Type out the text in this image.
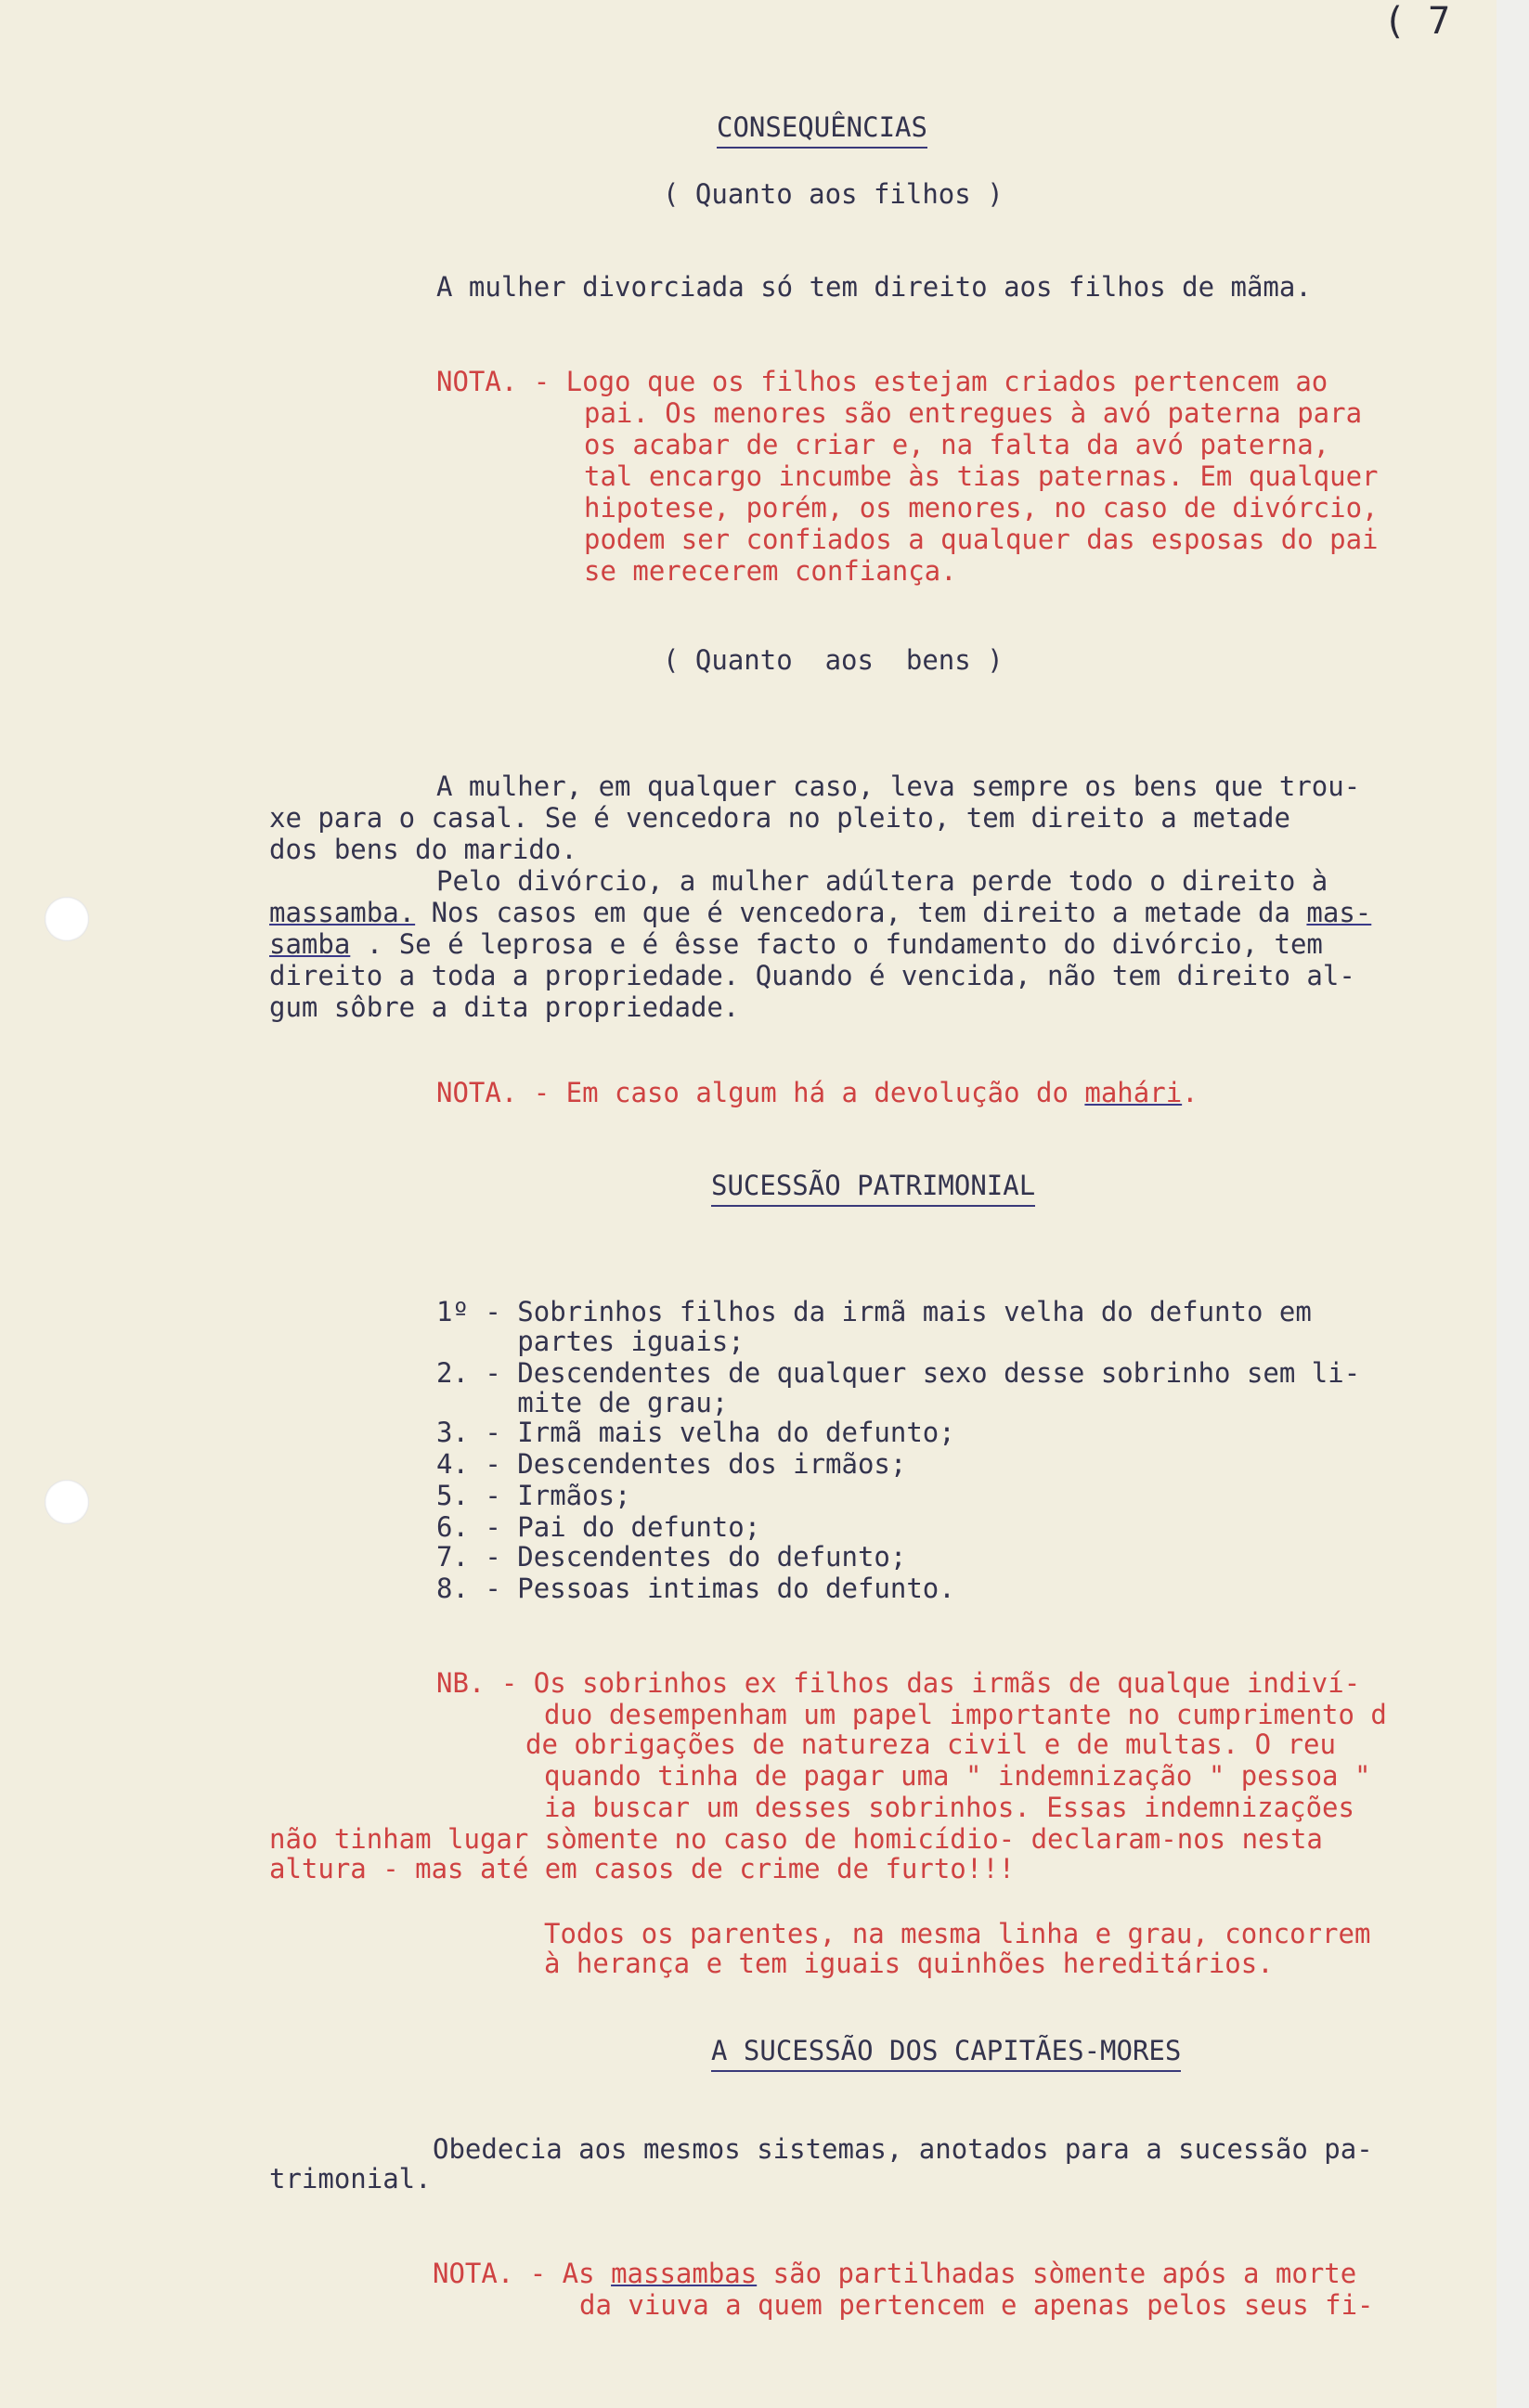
( 7
CONSEQUÊNCIAS
( Quanto aos filhos )
A mulher divorciada só tem direito aos filhos de mãma.
NOTA. - Logo que os filhos estejam criados pertencem ao
pai. Os menores são entregues à avó paterna para
os acabar de criar e, na falta da avó paterna,
tal encargo incumbe às tias paternas. Em qualquer
hipotese, porém, os menores, no caso de divórcio,
podem ser confiados a qualquer das esposas do pai
se merecerem confiança.
( Quanto  aos  bens )
A mulher, em qualquer caso, leva sempre os bens que trou-
xe para o casal. Se é vencedora no pleito, tem direito a metade
dos bens do marido.
Pelo divórcio, a mulher adúltera perde todo o direito à
massamba. Nos casos em que é vencedora, tem direito a metade da mas-
samba . Se é leprosa e é êsse facto o fundamento do divórcio, tem
direito a toda a propriedade. Quando é vencida, não tem direito al-
gum sôbre a dita propriedade.
NOTA. - Em caso algum há a devolução do mahári.
SUCESSÃO PATRIMONIAL
1º - Sobrinhos filhos da irmã mais velha do defunto em
partes iguais;
2. - Descendentes de qualquer sexo desse sobrinho sem li-
mite de grau;
3. - Irmã mais velha do defunto;
4. - Descendentes dos irmãos;
5. - Irmãos;
6. - Pai do defunto;
7. - Descendentes do defunto;
8. - Pessoas intimas do defunto.
NB. - Os sobrinhos ex filhos das irmãs de qualque indiví-
duo desempenham um papel importante no cumprimento d
de obrigações de natureza civil e de multas. O reu
quando tinha de pagar uma " indemnização " pessoa "
ia buscar um desses sobrinhos. Essas indemnizações
não tinham lugar sòmente no caso de homicídio- declaram-nos nesta
altura - mas até em casos de crime de furto!!!
Todos os parentes, na mesma linha e grau, concorrem
à herança e tem iguais quinhões hereditários.
A SUCESSÃO DOS CAPITÃES-MORES
Obedecia aos mesmos sistemas, anotados para a sucessão pa-
trimonial.
NOTA. - As massambas são partilhadas sòmente após a morte
da viuva a quem pertencem e apenas pelos seus fi-
